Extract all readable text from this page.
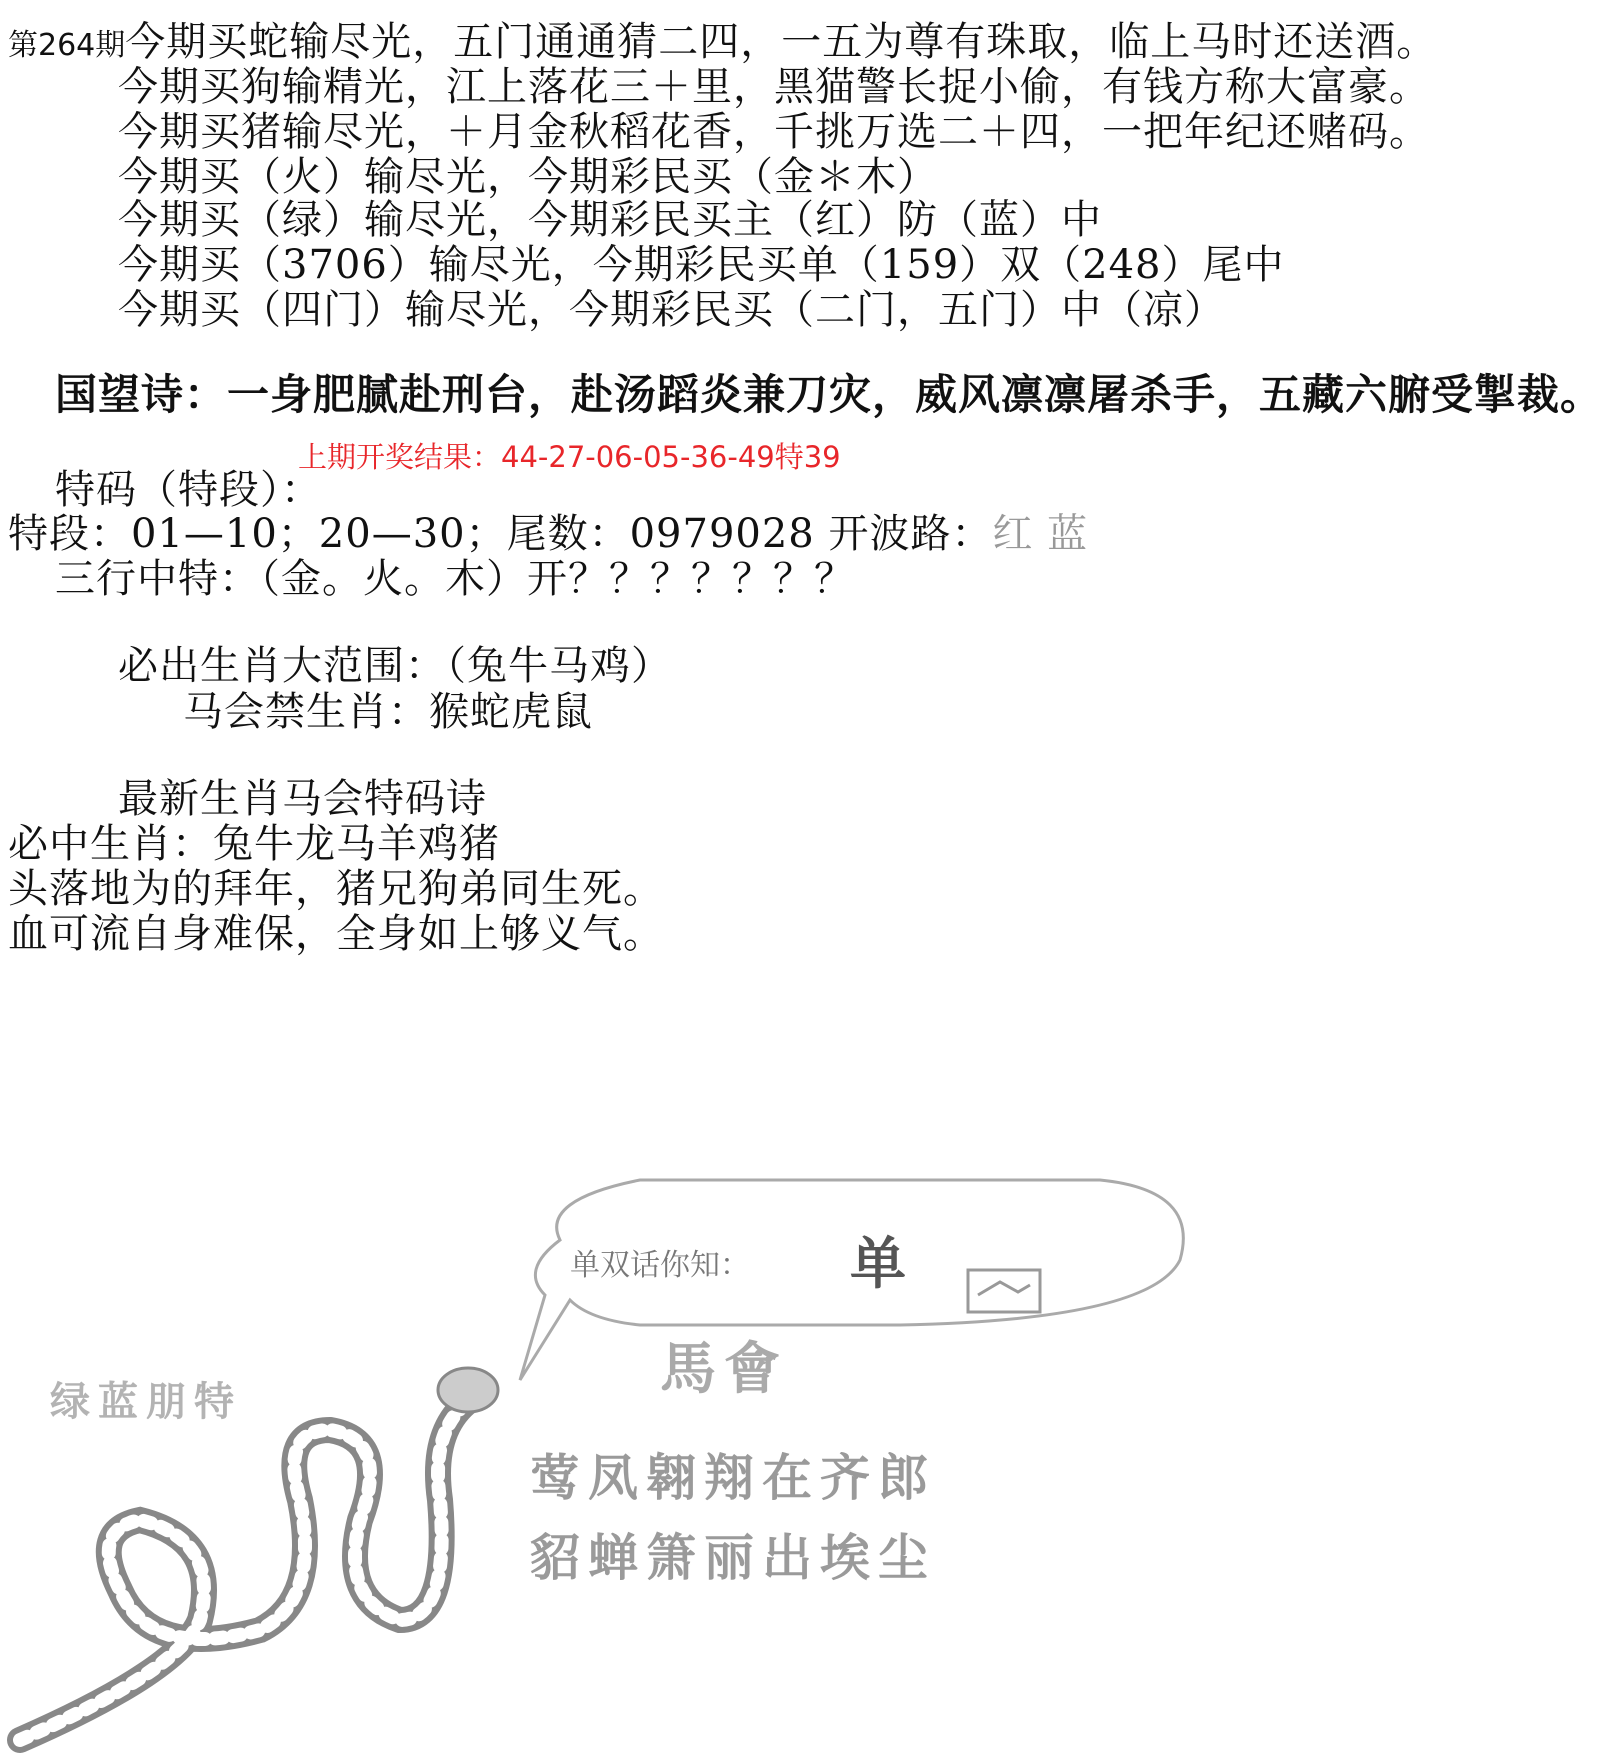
第264期今期买蛇输尽光，五门通通猜二四，一五为尊有珠取，临上马时还送酒。
今期买狗输精光，江上落花三＋里，黑猫警长捉小偷，有钱方称大富豪。
今期买猪输尽光，＋月金秋稻花香，千挑万选二＋四，一把年纪还赌码。
今期买（火）输尽光，今期彩民买（金＊木）
今期买（绿）输尽光，今期彩民买主（红）防（蓝）中
今期买（3706）输尽光，今期彩民买单（159）双（248）尾中
今期买（四门）输尽光，今期彩民买（二门，五门）中（凉）
国望诗：一身肥腻赴刑台，赴汤蹈炎兼刀灾，威风凛凛屠杀手，五藏六腑受掣裁。
上期开奖结果：44-27-06-05-36-49特39
特码（特段）：
特段：01—10；20—30；尾数：0979028 开波路：红 蓝
三行中特：（金。火。木）开？？？？？？？
必出生肖大范围：（兔牛马鸡）
马会禁生肖：猴蛇虎鼠
最新生肖马会特码诗
必中生肖：兔牛龙马羊鸡猪
头落地为的拜年，猪兄狗弟同生死。
血可流自身难保，全身如上够义气。
单双话你知： 单
绿蓝朋特	馬會
莺凤翱翔在齐郎
貂蝉箫丽出埃尘
